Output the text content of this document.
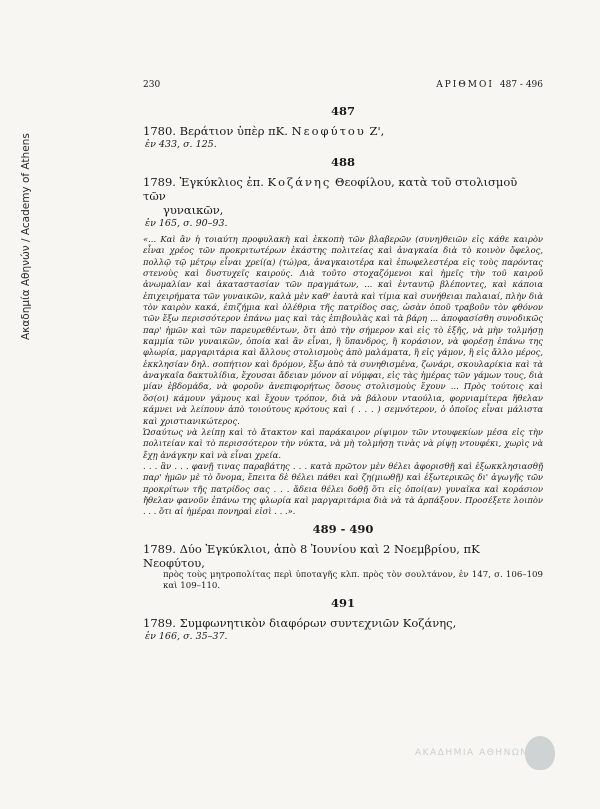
Ακαδημία Αθηνών / Academy of Athens
230	ΑΡΙΘΜΟΙ 487 - 496
487
1780. Βεράτιον ὑπὲρ πΚ. Νεοφύτου Ζ',
ἐν 433, σ. 125.
488
1789. Ἐγκύκλιος ἐπ. Κοζάνης Θεοφίλου, κατὰ τοῦ στολισμοῦ τῶν
γυναικῶν,
ἐν 165, σ. 90–93.

«... Καὶ ἂν ἡ τοιαύτη προφυλακὴ καὶ ἐκκοπὴ τῶν βλαβερῶν (συνη)θειῶν εἰς κάθε καιρὸν εἶναι χρέος τῶν προκριτωτέρων ἑκάστης πολιτείας καὶ ἀναγκαία διὰ τὸ κοινὸν ὄφελος, πολλῷ τῷ μέτρῳ εἶναι χρεί(α) (τώ)ρα, ἀναγκαιοτέρα καὶ ἐπωφελεστέρα εἰς τοὺς παρόντας στενοὺς καὶ δυστυχεῖς καιρούς. Διὰ τοῦτο στοχαζόμενοι καὶ ἡμεῖς τὴν τοῦ καιροῦ ἀνωμαλίαν καὶ ἀκαταστασίαν τῶν πραγμάτων, ... καὶ ἐνταυτῷ βλέποντες, καὶ κάποια ἐπιχειρήματα τῶν γυναικῶν, καλὰ μὲν καθ' ἑαυτὰ καὶ τίμια καὶ συνήθειαι παλαιαί, πλὴν διὰ τὸν καιρὸν κακά, ἐπιζήμια καὶ ὀλέθρια τῆς πατρίδος σας, ὡσὰν ὁποῦ τραβοῦν τὸν φθόνον τῶν ἔξω περισσότερον ἐπάνω μας καὶ τὰς ἐπιβουλὰς καὶ τὰ βάρη ... ἀποφασίσθη συνοδικῶς παρ' ἡμῶν καὶ τῶν παρευρεθέντων, ὅτι ἀπὸ τὴν σήμερον καὶ εἰς τὸ ἑξῆς, νὰ μὴν τολμήσῃ καμμία τῶν γυναικῶν, ὁποία καὶ ἂν εἶναι, ἢ ὕπανδρος, ἢ κοράσιον, νὰ φορέσῃ ἐπάνω της φλωρία, μαργαριτάρια καὶ ἄλλους στολισμοὺς ἀπὸ μαλάματα, ἢ εἰς γάμον, ἢ εἰς ἄλλο μέρος, ἐκκλησίαν δηλ. σοπήτιον καὶ δρόμον, ἔξω ἀπὸ τὰ συνηθισμένα, ζωνάρι, σκουλαρίκια καὶ τὰ ἀναγκαῖα δακτυλίδια, ἔχουσαι ἄδειαν μόνον αἱ νύμφαι, εἰς τὰς ἡμέρας τῶν γάμων τους, διὰ μίαν ἑβδομάδα, νὰ φοροῦν ἀνεπιφορήτως ὅσους στολισμοὺς ἔχουν ... Πρὸς τούτοις καὶ ὅσ(οι) κάμουν γάμους καὶ ἔχουν τρόπον, διὰ νὰ βάλουν νταούλια, φορνιαμίτερα ἤθελαν κάμνει νὰ λείπουν ἀπὸ τοιούτους κρότους καὶ ( . . . ) σεμνότερον, ὁ ὁποῖος εἶναι μάλιστα καὶ χριστιανικώτερος.

Ὡσαύτως νὰ λείπῃ καὶ τὸ ἄτακτον καὶ παράκαιρον ρίψιμον τῶν ντουφεκίων μέσα εἰς τὴν πολιτείαν καὶ τὸ περισσότερον τὴν νύκτα, νὰ μὴ τολμήσῃ τινὰς νὰ ρίψῃ ντουφέκι, χωρὶς νὰ ἔχῃ ἀνάγκην καὶ νὰ εἶναι χρεία.

. . . ἂν . . . φανῇ τινας παραβάτης . . . κατὰ πρῶτον μὲν θέλει ἀφορισθῇ καὶ ἐξωκκλησιασθῇ παρ' ἡμῶν μὲ τὸ ὄνομα, ἔπειτα δὲ θέλει πάθει καὶ ζη(μιωθῇ) καὶ ἐξωτερικῶς δι' ἀγωγῆς τῶν προκρίτων τῆς πατρίδος σας . . . ἄδεια θέλει δοθῇ ὅτι εἰς ὁποί(αν) γυναῖκα καὶ κοράσιον ἤθελαν φανοῦν ἐπάνω της φλωρία καὶ μαργαριτάρια διὰ νὰ τὰ ἁρπάξουν. Προσέξετε λοιπὸν . . . ὅτι αἱ ἡμέραι πονηραὶ εἰσὶ . . .».

489 - 490
1789. Δύο Ἐγκύκλιοι, ἀπὸ 8 Ἰουνίου καὶ 2 Νοεμβρίου, πΚ Νεοφύτου,
πρὸς τοὺς μητροπολίτας περὶ ὑποταγῆς κλπ. πρὸς τὸν σουλτάνον, ἐν 147, σ. 106–109 καὶ 109–110.
491
1789. Συμφωνητικὸν διαφόρων συντεχνιῶν Κοζάνης,
ἐν 166, σ. 35–37.
ΑΚΑΔΗΜΙΑ ΑΘΗΝΩΝ
